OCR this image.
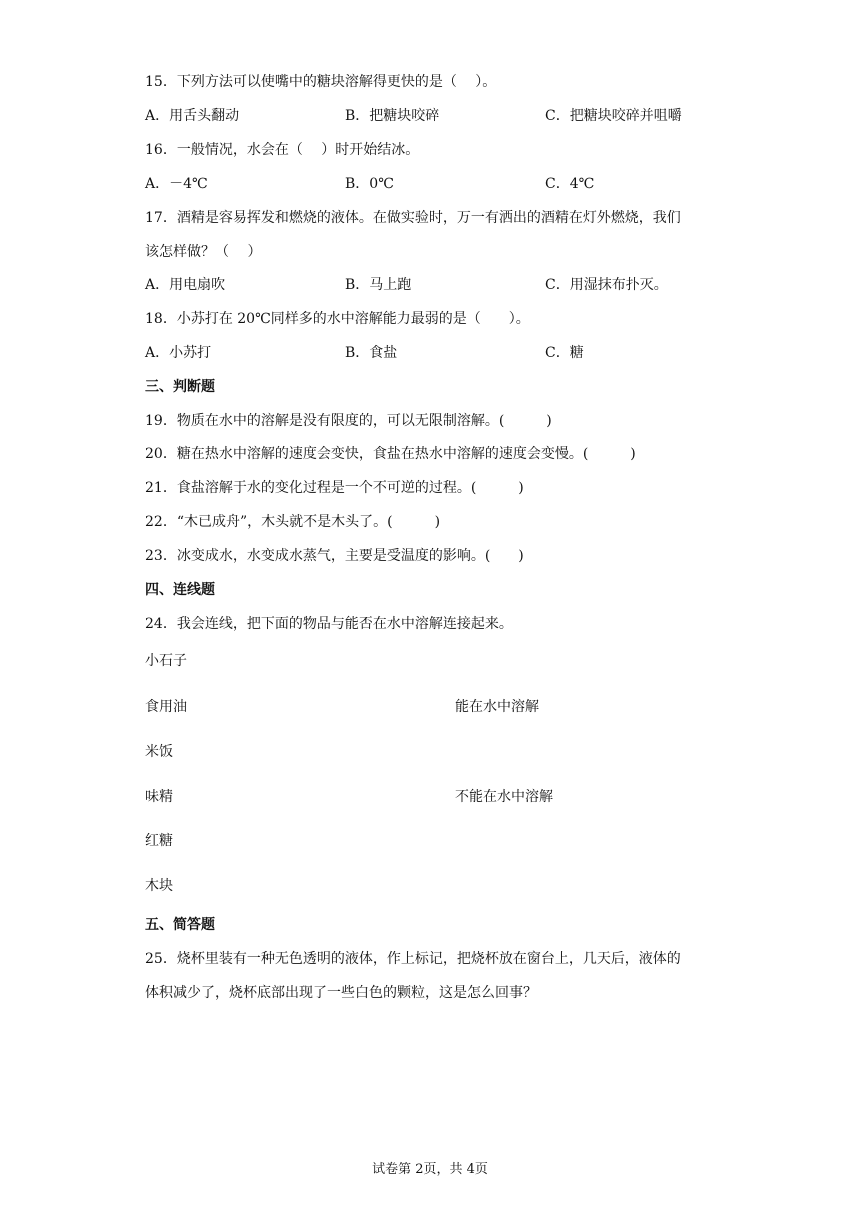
15．下列方法可以使嘴中的糖块溶解得更快的是（　 ）。
A．用舌头翻动	B．把糖块咬碎	C．把糖块咬碎并咀嚼
16．一般情况，水会在（　 ）时开始结冰。
A．－4℃	B．0℃	C．4℃
17．酒精是容易挥发和燃烧的液体。在做实验时，万一有洒出的酒精在灯外燃烧，我们
该怎样做？（　 ）
A．用电扇吹	B．马上跑	C．用湿抹布扑灭。
18．小苏打在 20℃同样多的水中溶解能力最弱的是（　　）。
A．小苏打	B．食盐	C．糖
三、判断题
19．物质在水中的溶解是没有限度的，可以无限制溶解。(　　　)
20．糖在热水中溶解的速度会变快，食盐在热水中溶解的速度会变慢。(　　　)
21．食盐溶解于水的变化过程是一个不可逆的过程。(　　　)
22．“木已成舟”，木头就不是木头了。(　　　)
23．冰变成水，水变成水蒸气，主要是受温度的影响。(　　)
四、连线题
24．我会连线，把下面的物品与能否在水中溶解连接起来。
小石子
食用油
米饭
味精
红糖
木块
能在水中溶解
不能在水中溶解
五、简答题
25．烧杯里装有一种无色透明的液体，作上标记，把烧杯放在窗台上，几天后，液体的
体积减少了，烧杯底部出现了一些白色的颗粒，这是怎么回事？
试卷第 2页，共 4页
